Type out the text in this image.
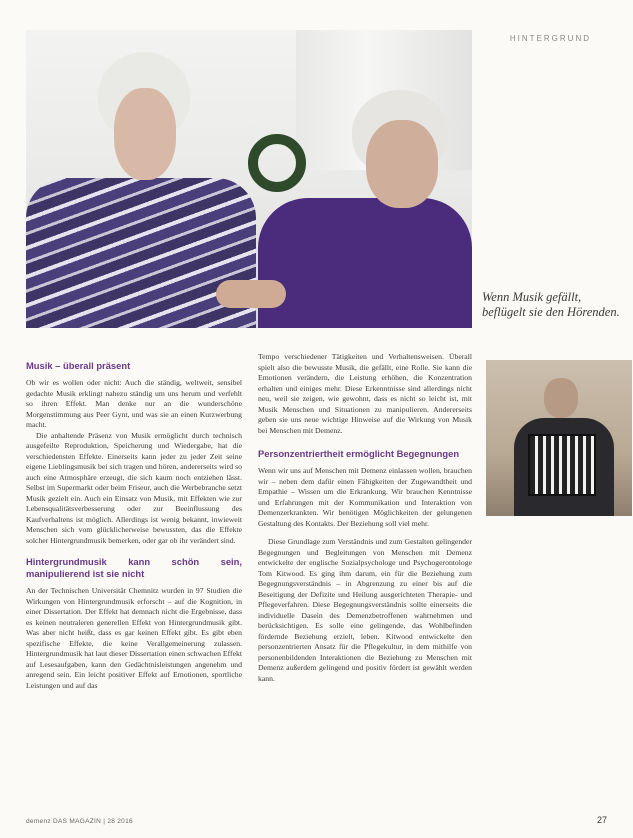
HINTERGRUND
Wenn Musik gefällt, beflügelt sie den Hörenden.
Musik – überall präsent

Ob wir es wollen oder nicht: Auch die ständig, weltweit, sensibel gedachte Musik erklingt nahezu ständig um uns herum und verfehlt so ihren Effekt. Man denke nur an die wunderschöne Morgenstimmung aus Peer Gynt, und was sie an einen Kurzwerbung macht.

Die anhaltende Präsenz von Musik ermöglicht durch technisch ausgefeilte Reproduktion, Speicherung und Wiedergabe, hat die verschiedensten Effekte. Einerseits kann jeder zu jeder Zeit seine eigene Lieblingsmusik bei sich tragen und hören, andererseits wird so auch eine Atmosphäre erzeugt, die sich kaum noch entziehen lässt. Selbst im Supermarkt oder beim Friseur, auch die Werbebranche setzt Musik gezielt ein. Auch ein Einsatz von Musik, mit Effekten wie zur Lebensqualitätsverbesserung oder zur Beeinflussung des Kaufverhaltens ist möglich. Allerdings ist wenig bekannt, inwieweit Menschen sich vom glücklicherweise bewussten, das die Effekte solcher Hintergrundmusik bemerken, oder gar ob ihr verändert sind.

Hintergrundmusik kann schön sein, manipulierend ist sie nicht

An der Technischen Universität Chemnitz wurden in 97 Studien die Wirkungen von Hintergrundmusik erforscht – auf die Kognition, in einer Dissertation. Der Effekt hat demnach nicht die Ergebnisse, dass es keinen neutraleren generellen Effekt von Hintergrundmusik gibt. Was aber nicht heißt, dass es gar keinen Effekt gibt. Es gibt eben spezifische Effekte, die keine Verallgemeinerung zulassen. Hintergrundmusik hat laut dieser Dissertation einen schwachen Effekt auf Lesesaufgaben, kann den Gedächtnisleistungen angenehm und anregend sein. Ein leicht positiver Effekt auf Emotionen, sportliche Leistungen und auf das

Tempo verschiedener Tätigkeiten und Verhaltensweisen. Überall spielt also die bewusste Musik, die gefällt, eine Rolle. Sie kann die Emotionen verändern, die Leistung erhöhen, die Konzentration erhalten und einiges mehr. Diese Erkenntnisse sind allerdings nicht neu, weil sie zeigen, wie gewohnt, dass es nicht so leicht ist, mit Musik Menschen und Situationen zu manipulieren. Andererseits geben sie uns neue wichtige Hinweise auf die Wirkung von Musik bei Menschen mit Demenz.

Personzentriertheit ermöglicht Begegnungen

Wenn wir uns auf Menschen mit Demenz einlassen wollen, brauchen wir – neben dem dafür einen Fähigkeiten der Zugewandtheit und Empathie – Wissen um die Erkrankung. Wir brauchen Kenntnisse und Erfahrungen mit der Kommunikation und Interaktion von Demenzerkrankten. Wir benötigen Möglichkeiten der gelungenen Gestaltung des Kontakts. Der Beziehung soll viel mehr.

Diese Grundlage zum Verständnis und zum Gestalten gelingender Begegnungen und Begleitungen von Menschen mit Demenz entwickelte der englische Sozialpsychologe und Psychogerontologe Tom Kitwood. Es ging ihm darum, ein für die Beziehung zum Begegnungsverständnis – in Abgrenzung zu einer bis auf die Beseitigung der Defizite und Heilung ausgerichteten Therapie- und Pflegeverfahren. Diese Begegnungsverständnis sollte einerseits die individuelle Dasein des Demenzbetroffenen wahrnehmen und berücksichtigen. Es solle eine gelingende, das Wohlbefinden fördernde Beziehung erzielt, leben. Kitwood entwickelte den personzentrierten Ansatz für die Pflegekultur, in dem mithilfe von personenbildenden Interaktionen die Beziehung zu Menschen mit Demenz außerdem gelingend und positiv fördert ist gewählt werden kann.

demenz DAS MAGAZIN | 28 2016	27
